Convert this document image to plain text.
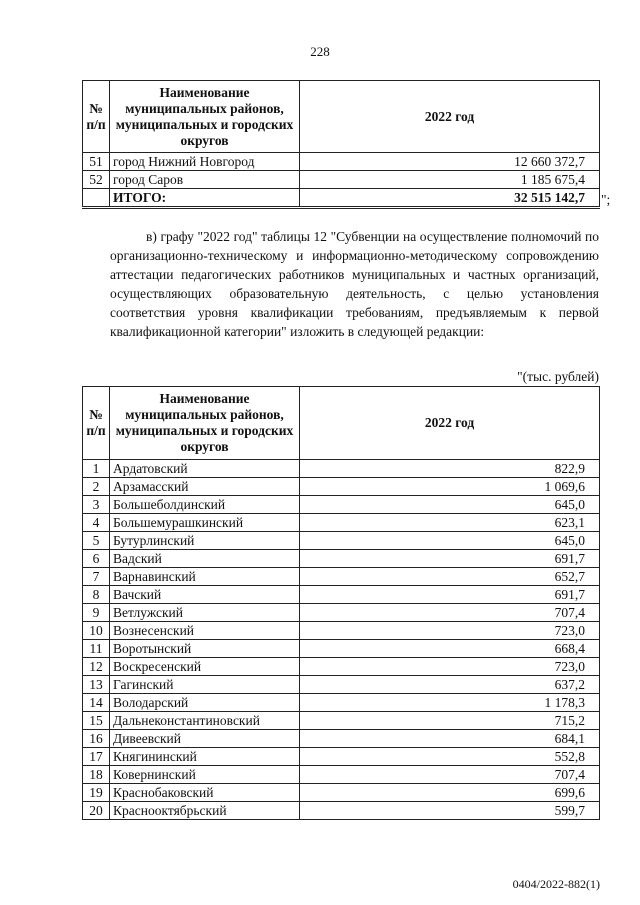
228
№ п/п	Наименование муниципальных районов, муниципальных и городских округов	2022 год
51	город Нижний Новгород	12 660 372,7
52	город Саров	1 185 675,4
	ИТОГО:	32 515 142,7 ";

в) графу "2022 год" таблицы 12 "Субвенции на осуществление полномочий по организационно-техническому и информационно-методическому сопровождению аттестации педагогических работников муниципальных и частных организаций, осуществляющих образовательную деятельность, с целью установления соответствия уровня квалификации требованиям, предъявляемым к первой квалификационной категории" изложить в следующей редакции:

"(тыс. рублей)
№ п/п	Наименование муниципальных районов, муниципальных и городских округов	2022 год
1	Ардатовский	822,9
2	Арзамасский	1 069,6
3	Большеболдинский	645,0
4	Большемурашкинский	623,1
5	Бутурлинский	645,0
6	Вадский	691,7
7	Варнавинский	652,7
8	Вачский	691,7
9	Ветлужский	707,4
10	Вознесенский	723,0
11	Воротынский	668,4
12	Воскресенский	723,0
13	Гагинский	637,2
14	Володарский	1 178,3
15	Дальнеконстантиновский	715,2
16	Дивеевский	684,1
17	Княгининский	552,8
18	Ковернинский	707,4
19	Краснобаковский	699,6
20	Краснооктябрьский	599,7
0404/2022-882(1)
